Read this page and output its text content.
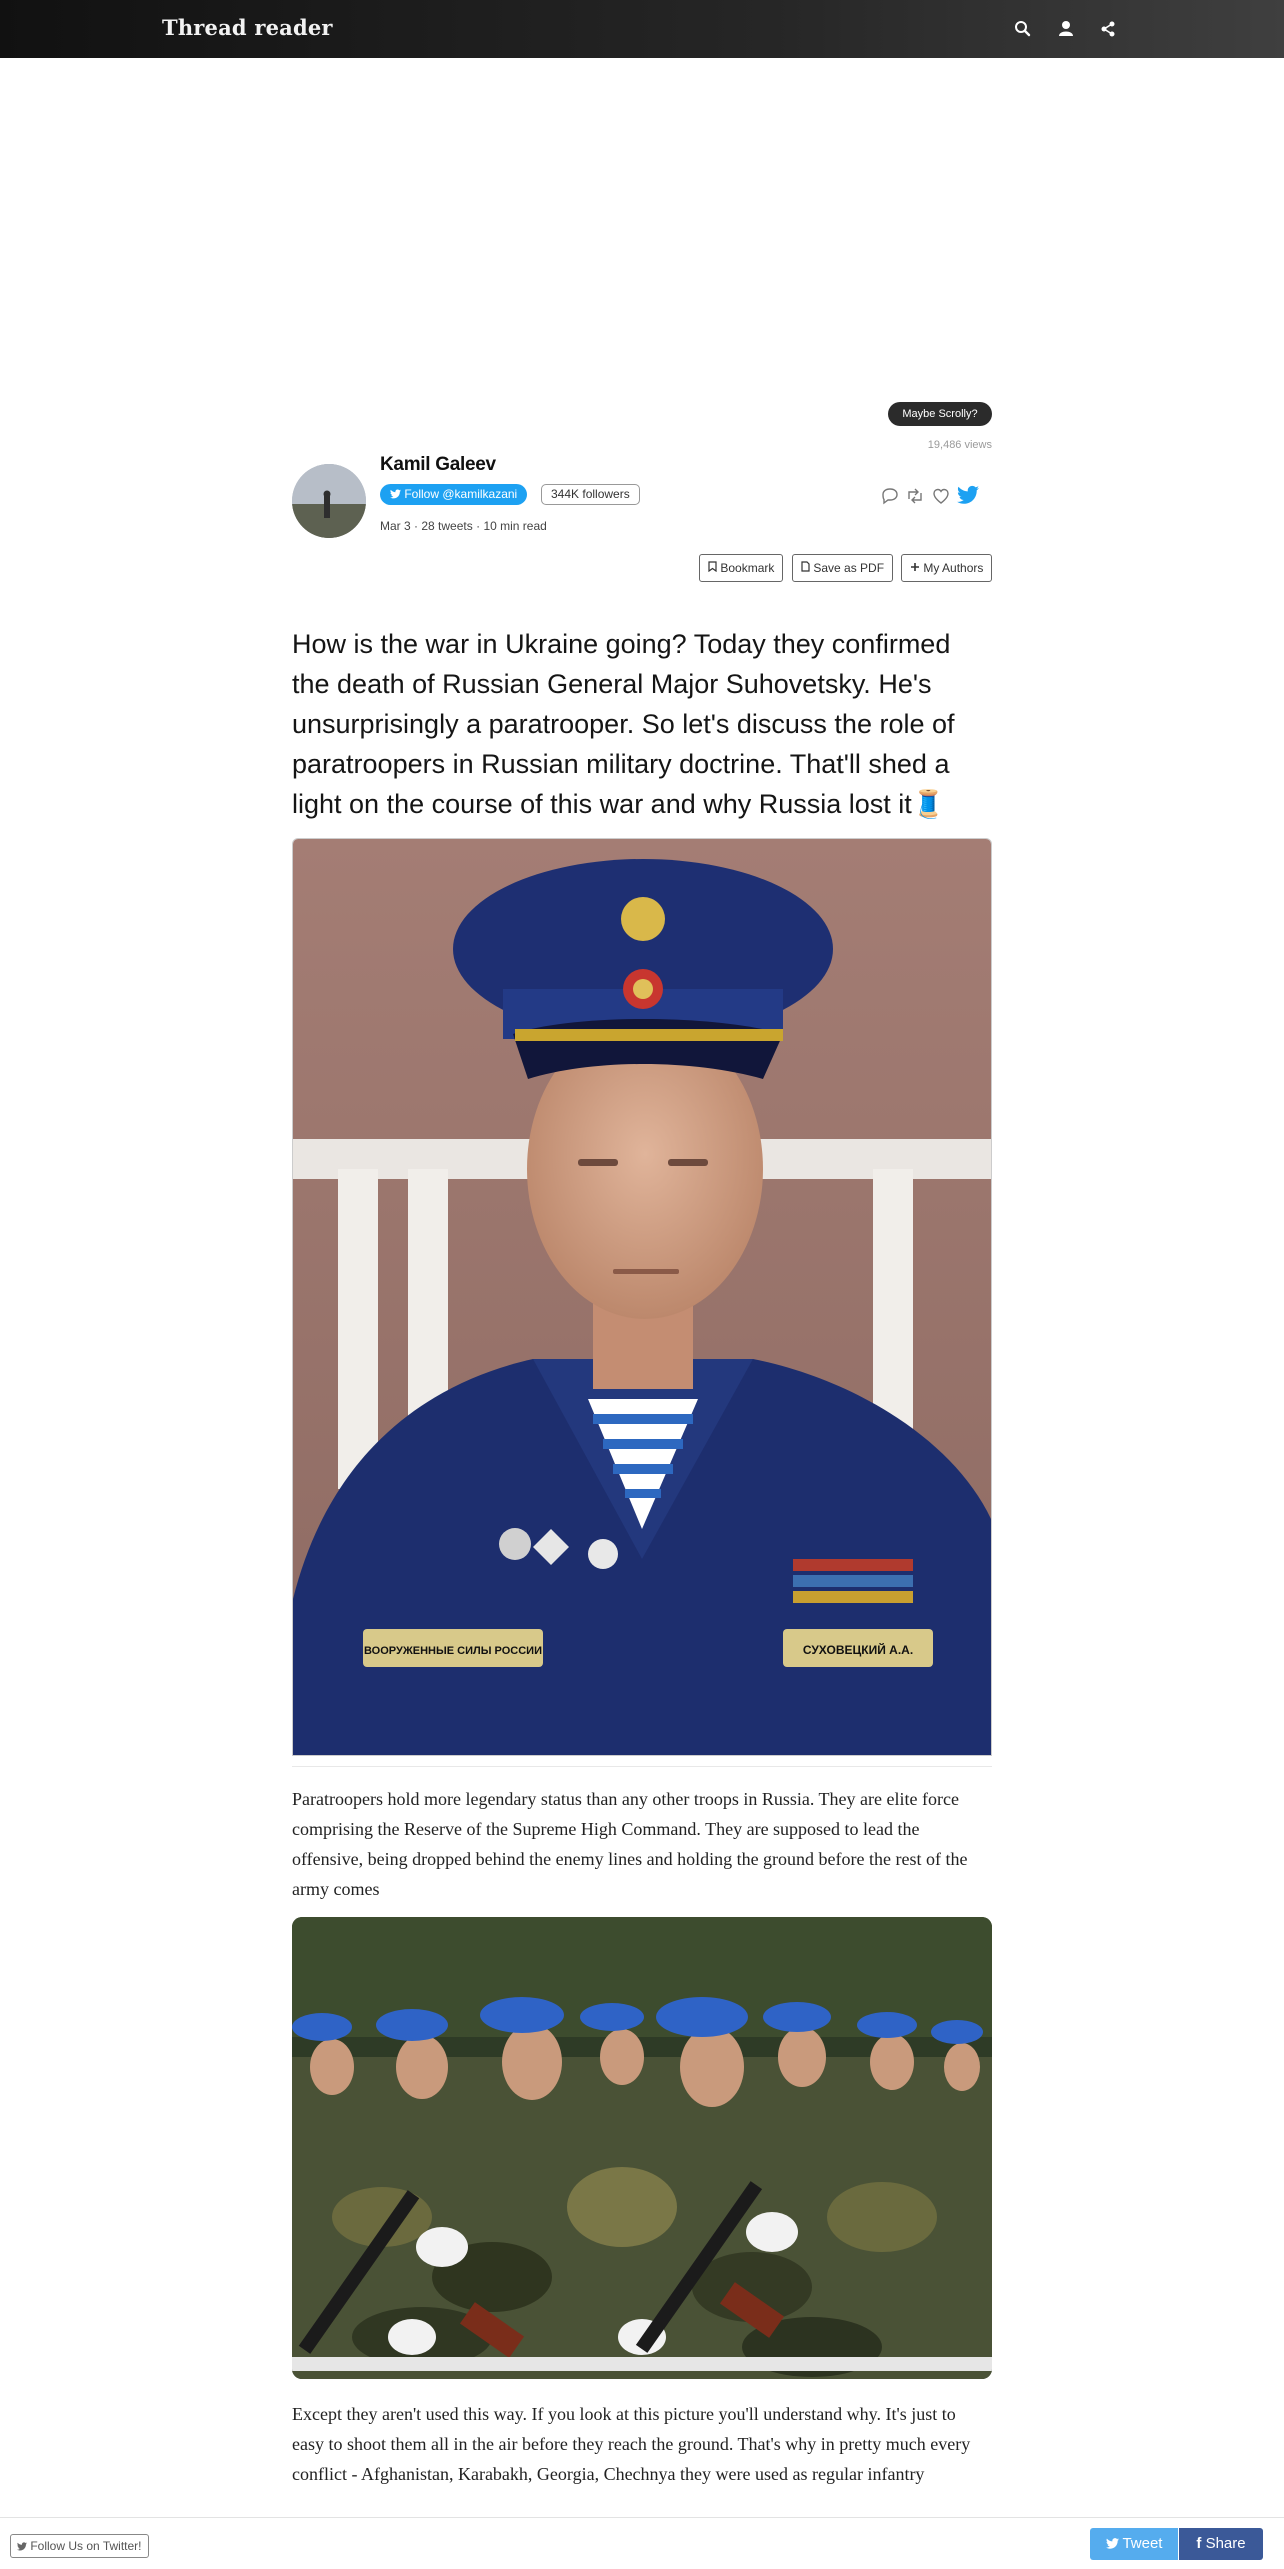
Thread reader
Maybe Scrolly?
19,486 views
Kamil Galeev
Follow @kamilkazani	344K followers
Mar 3 · 28 tweets · 10 min read
Bookmark	Save as PDF	My Authors
How is the war in Ukraine going? Today they confirmed the death of Russian General Major Suhovetsky. He's unsurprisingly a paratrooper. So let's discuss the role of paratroopers in Russian military doctrine. That'll shed a light on the course of this war and why Russia lost it🧵
ВООРУЖЕННЫЕ СИЛЫ РОССИИ	СУХОВЕЦКИЙ А.А.
Paratroopers hold more legendary status than any other troops in Russia. They are elite force comprising the Reserve of the Supreme High Command. They are supposed to lead the offensive, being dropped behind the enemy lines and holding the ground before the rest of the army comes
Except they aren't used this way. If you look at this picture you'll understand why. It's just to easy to shoot them all in the air before they reach the ground. That's why in pretty much every conflict - Afghanistan, Karabakh, Georgia, Chechnya they were used as regular infantry
Follow Us on Twitter!	Tweet	f Share
